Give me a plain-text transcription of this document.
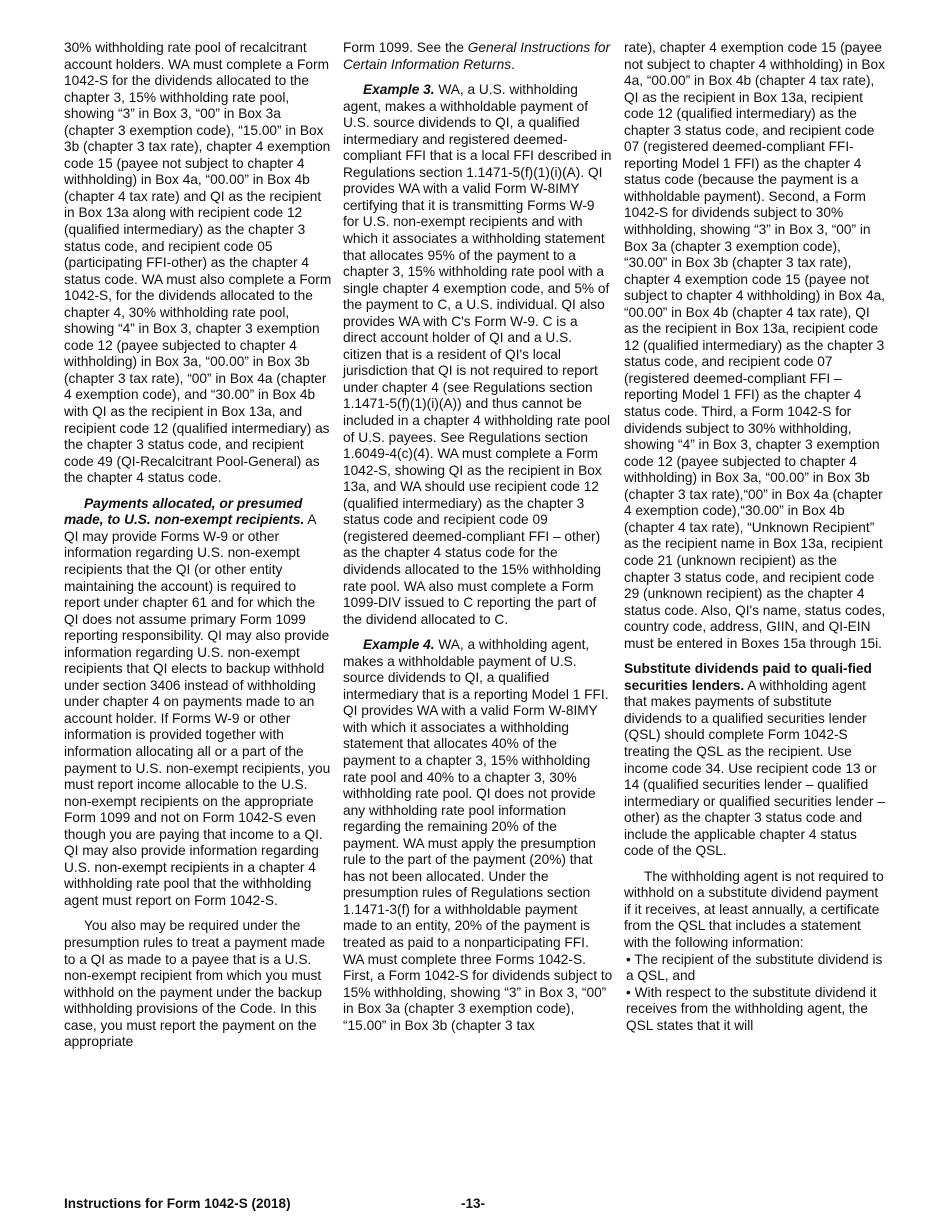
30% withholding rate pool of recalcitrant account holders. WA must complete a Form 1042-S for the dividends allocated to the chapter 3, 15% withholding rate pool, showing “3” in Box 3, “00” in Box 3a (chapter 3 exemption code), “15.00” in Box 3b (chapter 3 tax rate), chapter 4 exemption code 15 (payee not subject to chapter 4 withholding) in Box 4a, “00.00” in Box 4b (chapter 4 tax rate) and QI as the recipient in Box 13a along with recipient code 12 (qualified intermediary) as the chapter 3 status code, and recipient code 05 (participating FFI-other) as the chapter 4 status code. WA must also complete a Form 1042-S, for the dividends allocated to the chapter 4, 30% withholding rate pool, showing “4” in Box 3, chapter 3 exemption code 12 (payee subjected to chapter 4 withholding) in Box 3a, “00.00” in Box 3b (chapter 3 tax rate), “00” in Box 4a (chapter 4 exemption code), and “30.00” in Box 4b with QI as the recipient in Box 13a, and recipient code 12 (qualified intermediary) as the chapter 3 status code, and recipient code 49 (QI-Recalcitrant Pool-General) as the chapter 4 status code.

Payments allocated, or presumed made, to U.S. non-exempt recipients. A QI may provide Forms W-9 or other information regarding U.S. non-exempt recipients that the QI (or other entity maintaining the account) is required to report under chapter 61 and for which the QI does not assume primary Form 1099 reporting responsibility. QI may also provide information regarding U.S. non-exempt recipients that QI elects to backup withhold under section 3406 instead of withholding under chapter 4 on payments made to an account holder. If Forms W-9 or other information is provided together with information allocating all or a part of the payment to U.S. non-exempt recipients, you must report income allocable to the U.S. non-exempt recipients on the appropriate Form 1099 and not on Form 1042-S even though you are paying that income to a QI. QI may also provide information regarding U.S. non-exempt recipients in a chapter 4 withholding rate pool that the withholding agent must report on Form 1042-S.

You also may be required under the presumption rules to treat a payment made to a QI as made to a payee that is a U.S. non-exempt recipient from which you must withhold on the payment under the backup withholding provisions of the Code. In this case, you must report the payment on the appropriate

Form 1099. See the General Instructions for Certain Information Returns.

Example 3. WA, a U.S. withholding agent, makes a withholdable payment of U.S. source dividends to QI, a qualified intermediary and registered deemed-compliant FFI that is a local FFI described in Regulations section 1.1471-5(f)(1)(i)(A). QI provides WA with a valid Form W-8IMY certifying that it is transmitting Forms W-9 for U.S. non-exempt recipients and with which it associates a withholding statement that allocates 95% of the payment to a chapter 3, 15% withholding rate pool with a single chapter 4 exemption code, and 5% of the payment to C, a U.S. individual. QI also provides WA with C's Form W-9. C is a direct account holder of QI and a U.S. citizen that is a resident of QI's local jurisdiction that QI is not required to report under chapter 4 (see Regulations section 1.1471-5(f)(1)(i)(A)) and thus cannot be included in a chapter 4 withholding rate pool of U.S. payees. See Regulations section 1.6049-4(c)(4). WA must complete a Form 1042-S, showing QI as the recipient in Box 13a, and WA should use recipient code 12 (qualified intermediary) as the chapter 3 status code and recipient code 09 (registered deemed-compliant FFI – other) as the chapter 4 status code for the dividends allocated to the 15% withholding rate pool. WA also must complete a Form 1099-DIV issued to C reporting the part of the dividend allocated to C.

Example 4. WA, a withholding agent, makes a withholdable payment of U.S. source dividends to QI, a qualified intermediary that is a reporting Model 1 FFI. QI provides WA with a valid Form W-8IMY with which it associates a withholding statement that allocates 40% of the payment to a chapter 3, 15% withholding rate pool and 40% to a chapter 3, 30% withholding rate pool. QI does not provide any withholding rate pool information regarding the remaining 20% of the payment. WA must apply the presumption rule to the part of the payment (20%) that has not been allocated. Under the presumption rules of Regulations section 1.1471-3(f) for a withholdable payment made to an entity, 20% of the payment is treated as paid to a nonparticipating FFI. WA must complete three Forms 1042-S. First, a Form 1042-S for dividends subject to 15% withholding, showing “3” in Box 3, “00” in Box 3a (chapter 3 exemption code), “15.00” in Box 3b (chapter 3 tax

rate), chapter 4 exemption code 15 (payee not subject to chapter 4 withholding) in Box 4a, “00.00” in Box 4b (chapter 4 tax rate), QI as the recipient in Box 13a, recipient code 12 (qualified intermediary) as the chapter 3 status code, and recipient code 07 (registered deemed-compliant FFI-reporting Model 1 FFI) as the chapter 4 status code (because the payment is a withholdable payment). Second, a Form 1042-S for dividends subject to 30% withholding, showing “3” in Box 3, “00” in Box 3a (chapter 3 exemption code), “30.00” in Box 3b (chapter 3 tax rate), chapter 4 exemption code 15 (payee not subject to chapter 4 withholding) in Box 4a, “00.00” in Box 4b (chapter 4 tax rate), QI as the recipient in Box 13a, recipient code 12 (qualified intermediary) as the chapter 3 status code, and recipient code 07 (registered deemed-compliant FFI – reporting Model 1 FFI) as the chapter 4 status code. Third, a Form 1042-S for dividends subject to 30% withholding, showing “4” in Box 3, chapter 3 exemption code 12 (payee subjected to chapter 4 withholding) in Box 3a, “00.00” in Box 3b (chapter 3 tax rate),“00” in Box 4a (chapter 4 exemption code),“30.00” in Box 4b (chapter 4 tax rate), “Unknown Recipient” as the recipient name in Box 13a, recipient code 21 (unknown recipient) as the chapter 3 status code, and recipient code 29 (unknown recipient) as the chapter 4 status code. Also, QI's name, status codes, country code, address, GIIN, and QI-EIN must be entered in Boxes 15a through 15i.

Substitute dividends paid to quali-fied securities lenders. A withholding agent that makes payments of substitute dividends to a qualified securities lender (QSL) should complete Form 1042-S treating the QSL as the recipient. Use income code 34. Use recipient code 13 or 14 (qualified securities lender – qualified intermediary or qualified securities lender – other) as the chapter 3 status code and include the applicable chapter 4 status code of the QSL.

The withholding agent is not required to withhold on a substitute dividend payment if it receives, at least annually, a certificate from the QSL that includes a statement with the following information:

• The recipient of the substitute dividend is a QSL, and

• With respect to the substitute dividend it receives from the withholding agent, the QSL states that it will

Instructions for Form 1042-S (2018)	-13-
